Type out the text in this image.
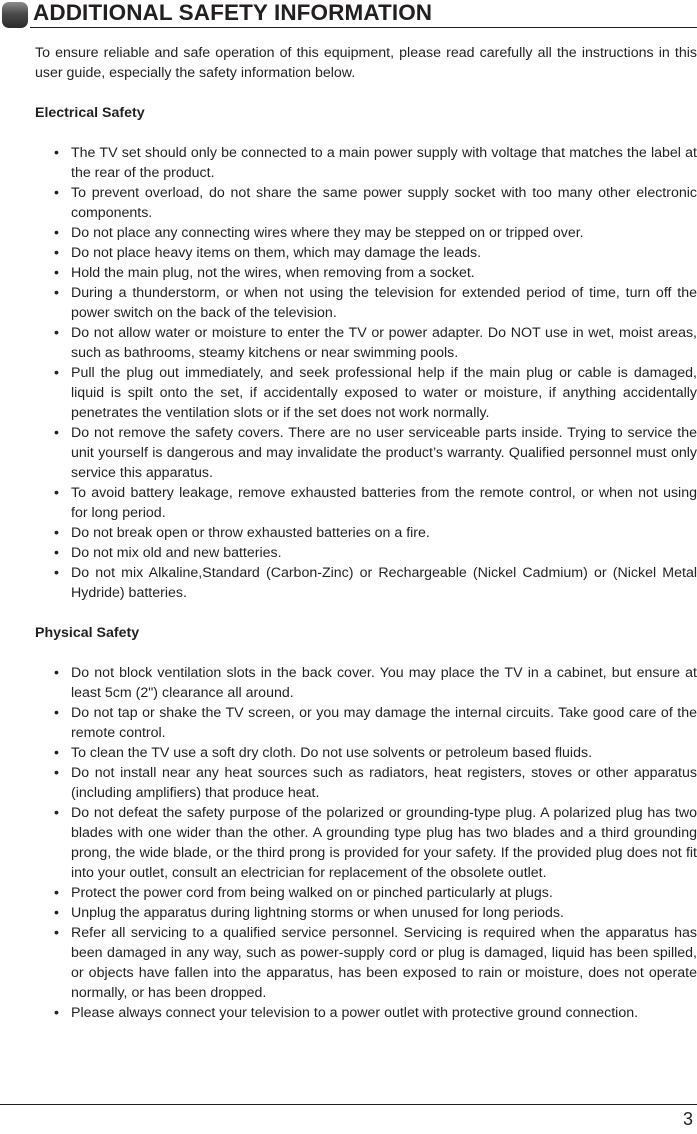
ADDITIONAL SAFETY INFORMATION

To ensure reliable and safe operation of this equipment, please read carefully all the instructions in this user guide, especially the safety information below.

Electrical Safety

• The TV set should only be connected to a main power supply with voltage that matches the label at the rear of the product.
• To prevent overload, do not share the same power supply socket with too many other electronic components.
• Do not place any connecting wires where they may be stepped on or tripped over.
• Do not place heavy items on them, which may damage the leads.
• Hold the main plug, not the wires, when removing from a socket.
• During a thunderstorm, or when not using the television for extended period of time, turn off the power switch on the back of the television.
• Do not allow water or moisture to enter the TV or power adapter. Do NOT use in wet, moist areas, such as bathrooms, steamy kitchens or near swimming pools.
• Pull the plug out immediately, and seek professional help if the main plug or cable is damaged, liquid is spilt onto the set, if accidentally exposed to water or moisture, if anything accidentally penetrates the ventilation slots or if the set does not work normally.
• Do not remove the safety covers. There are no user serviceable parts inside. Trying to service the unit yourself is dangerous and may invalidate the product’s warranty. Qualified personnel must only service this apparatus.
• To avoid battery leakage, remove exhausted batteries from the remote control, or when not using for long period.
• Do not break open or throw exhausted batteries on a fire.
• Do not mix old and new batteries.
• Do not mix Alkaline,Standard (Carbon-Zinc) or Rechargeable (Nickel Cadmium) or (Nickel Metal Hydride) batteries.

Physical Safety

• Do not block ventilation slots in the back cover. You may place the TV in a cabinet, but ensure at least 5cm (2") clearance all around.
• Do not tap or shake the TV screen, or you may damage the internal circuits. Take good care of the remote control.
• To clean the TV use a soft dry cloth. Do not use solvents or petroleum based fluids.
• Do not install near any heat sources such as radiators, heat registers, stoves or other apparatus (including amplifiers) that produce heat.
• Do not defeat the safety purpose of the polarized or grounding-type plug. A polarized plug has two blades with one wider than the other. A grounding type plug has two blades and a third grounding prong, the wide blade, or the third prong is provided for your safety. If the provided plug does not fit into your outlet, consult an electrician for replacement of the obsolete outlet.
• Protect the power cord from being walked on or pinched particularly at plugs.
• Unplug the apparatus during lightning storms or when unused for long periods.
• Refer all servicing to a qualified service personnel. Servicing is required when the apparatus has been damaged in any way, such as power-supply cord or plug is damaged, liquid has been spilled, or objects have fallen into the apparatus, has been exposed to rain or moisture, does not operate normally, or has been dropped.
• Please always connect your television to a power outlet with protective ground connection.
3
